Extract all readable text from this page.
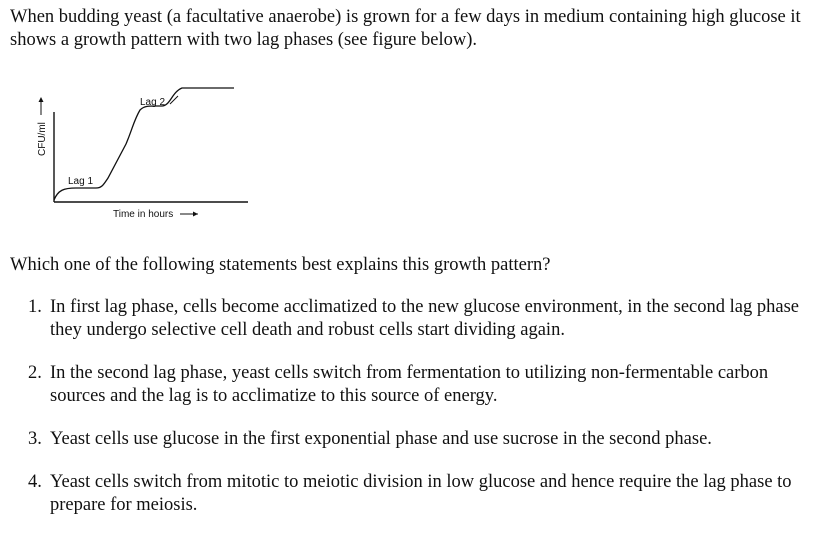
When budding yeast (a facultative anaerobe) is grown for a few days in medium containing high glucose it shows a growth pattern with two lag phases (see figure below).

Lag 1
Lag 2
Time in hours
CFU/ml

Which one of the following statements best explains this growth pattern?

1. In first lag phase, cells become acclimatized to the new glucose environment, in the second lag phase they undergo selective cell death and robust cells start dividing again.
2. In the second lag phase, yeast cells switch from fermentation to utilizing non-fermentable carbon sources and the lag is to acclimatize to this source of energy.
3. Yeast cells use glucose in the first exponential phase and use sucrose in the second phase.
4. Yeast cells switch from mitotic to meiotic division in low glucose and hence require the lag phase to prepare for meiosis.
